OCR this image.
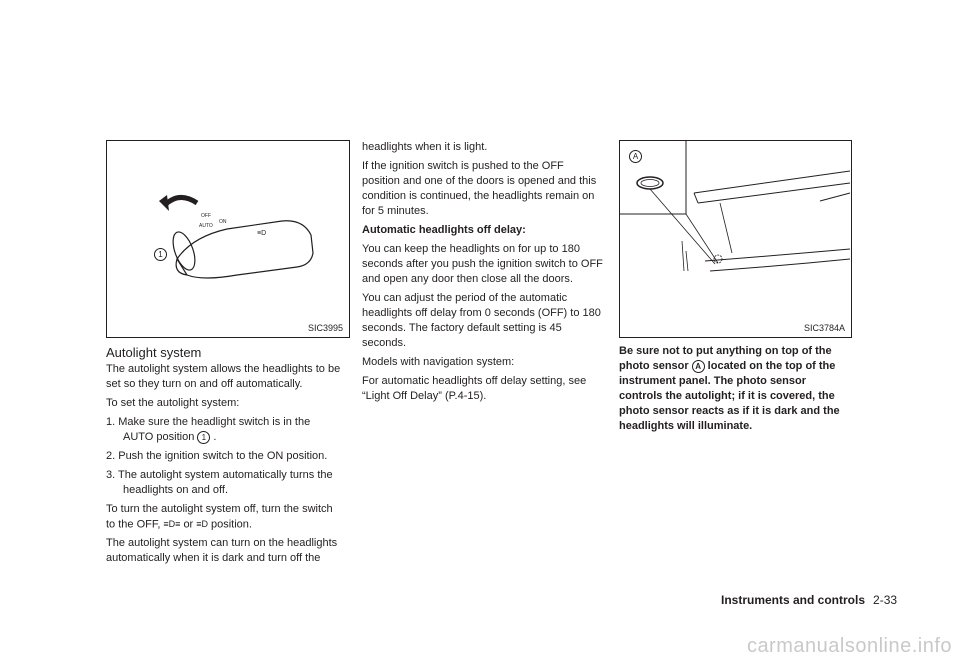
OFF
AUTO
ON
≡D
1
SIC3995
Autolight system

The autolight system allows the headlights to be set so they turn on and off automatically.

To set the autolight system:

1. Make sure the headlight switch is in the

AUTO position 1 .

2. Push the ignition switch to the ON position.

3. The autolight system automatically turns the

headlights on and off.

To turn the autolight system off, turn the switch

to the OFF, ≡D≡ or ≡D position.

The autolight system can turn on the headlights automatically when it is dark and turn off the

headlights when it is light.

If the ignition switch is pushed to the OFF position and one of the doors is opened and this condition is continued, the headlights remain on for 5 minutes.

Automatic headlights off delay:

You can keep the headlights on for up to 180 seconds after you push the ignition switch to OFF and open any door then close all the doors.

You can adjust the period of the automatic headlights off delay from 0 seconds (OFF) to 180 seconds. The factory default setting is 45 seconds.

Models with navigation system:

For automatic headlights off delay setting, see “Light Off Delay” (P.4-15).

A
SIC3784A

Be sure not to put anything on top of the photo sensor A located on the top of the instrument panel. The photo sensor controls the autolight; if it is covered, the photo sensor reacts as if it is dark and the headlights will illuminate.

Instruments and controls 2-33
carmanualsonline.info
